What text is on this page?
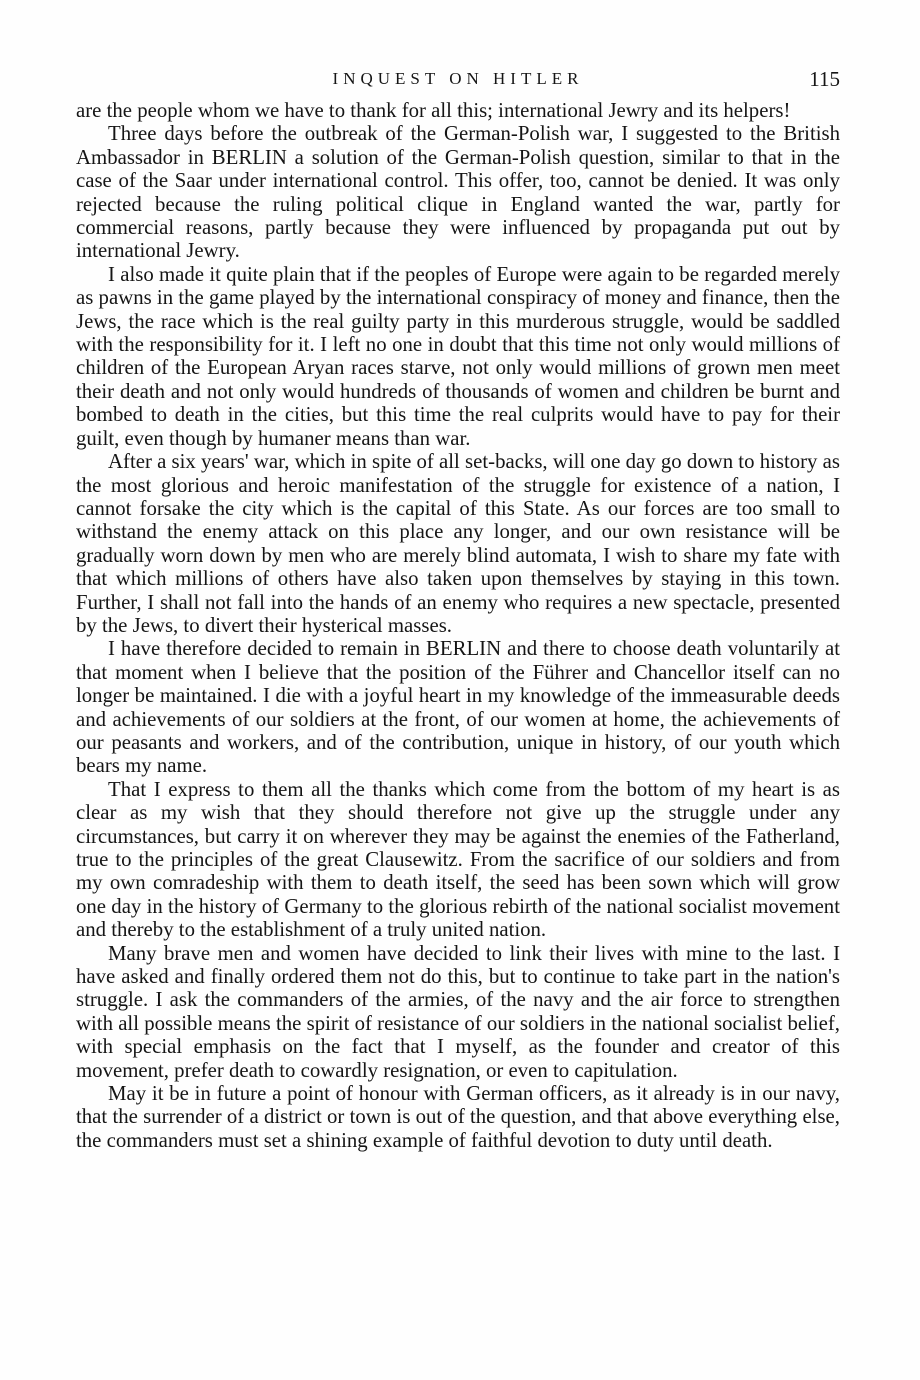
INQUEST ON HITLER	115

are the people whom we have to thank for all this; international Jewry and its helpers!

Three days before the outbreak of the German-Polish war, I suggested to the British Ambassador in BERLIN a solution of the German-Polish question, similar to that in the case of the Saar under international control. This offer, too, cannot be denied. It was only rejected because the ruling political clique in England wanted the war, partly for commercial reasons, partly because they were influenced by propaganda put out by international Jewry.

I also made it quite plain that if the peoples of Europe were again to be regarded merely as pawns in the game played by the international conspiracy of money and finance, then the Jews, the race which is the real guilty party in this murderous struggle, would be saddled with the responsibility for it. I left no one in doubt that this time not only would millions of children of the European Aryan races starve, not only would millions of grown men meet their death and not only would hundreds of thousands of women and children be burnt and bombed to death in the cities, but this time the real culprits would have to pay for their guilt, even though by humaner means than war.

After a six years' war, which in spite of all set-backs, will one day go down to history as the most glorious and heroic manifestation of the struggle for existence of a nation, I cannot forsake the city which is the capital of this State. As our forces are too small to withstand the enemy attack on this place any longer, and our own resistance will be gradually worn down by men who are merely blind automata, I wish to share my fate with that which millions of others have also taken upon themselves by staying in this town. Further, I shall not fall into the hands of an enemy who requires a new spectacle, presented by the Jews, to divert their hysterical masses.

I have therefore decided to remain in BERLIN and there to choose death voluntarily at that moment when I believe that the position of the Führer and Chancellor itself can no longer be maintained. I die with a joyful heart in my knowledge of the immeasurable deeds and achievements of our soldiers at the front, of our women at home, the achievements of our peasants and workers, and of the contribution, unique in history, of our youth which bears my name.

That I express to them all the thanks which come from the bottom of my heart is as clear as my wish that they should therefore not give up the struggle under any circumstances, but carry it on wherever they may be against the enemies of the Fatherland, true to the principles of the great Clausewitz. From the sacrifice of our soldiers and from my own comradeship with them to death itself, the seed has been sown which will grow one day in the history of Germany to the glorious rebirth of the national socialist movement and thereby to the establishment of a truly united nation.

Many brave men and women have decided to link their lives with mine to the last. I have asked and finally ordered them not do this, but to continue to take part in the nation's struggle. I ask the commanders of the armies, of the navy and the air force to strengthen with all possible means the spirit of resistance of our soldiers in the national socialist belief, with special emphasis on the fact that I myself, as the founder and creator of this movement, prefer death to cowardly resignation, or even to capitulation.

May it be in future a point of honour with German officers, as it already is in our navy, that the surrender of a district or town is out of the question, and that above everything else, the commanders must set a shining example of faithful devotion to duty until death.
